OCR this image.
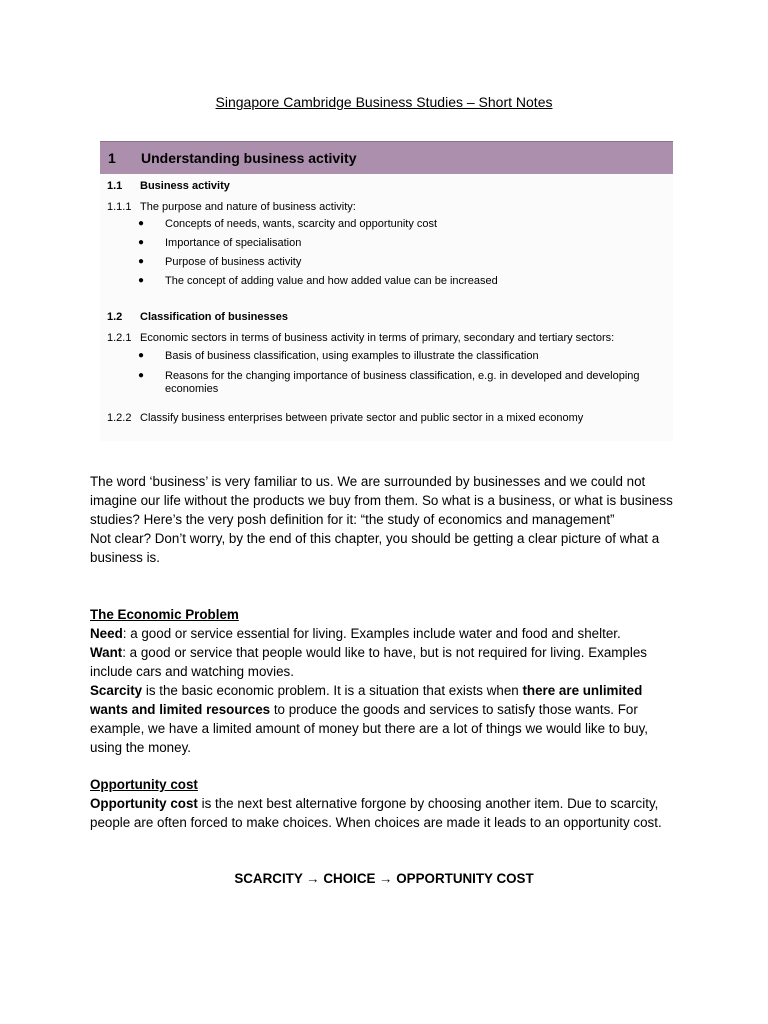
Singapore Cambridge Business Studies – Short Notes
1	Understanding business activity
1.1	Business activity
1.1.1 The purpose and nature of business activity:
●	Concepts of needs, wants, scarcity and opportunity cost
●	Importance of specialisation
●	Purpose of business activity
●	The concept of adding value and how added value can be increased
1.2	Classification of businesses
1.2.1 Economic sectors in terms of business activity in terms of primary, secondary and tertiary sectors:
●	Basis of business classification, using examples to illustrate the classification
●	Reasons for the changing importance of business classification, e.g. in developed and developing economies
1.2.2 Classify business enterprises between private sector and public sector in a mixed economy

The word ‘business’ is very familiar to us. We are surrounded by businesses and we could not imagine our life without the products we buy from them. So what is a business, or what is business studies? Here’s the very posh definition for it: “the study of economics and management”

Not clear? Don’t worry, by the end of this chapter, you should be getting a clear picture of what a business is.

The Economic Problem

Need: a good or service essential for living. Examples include water and food and shelter.

Want: a good or service that people would like to have, but is not required for living. Examples include cars and watching movies.

Scarcity is the basic economic problem. It is a situation that exists when there are unlimited wants and limited resources to produce the goods and services to satisfy those wants. For example, we have a limited amount of money but there are a lot of things we would like to buy, using the money.

Opportunity cost

Opportunity cost is the next best alternative forgone by choosing another item. Due to scarcity, people are often forced to make choices. When choices are made it leads to an opportunity cost.

SCARCITY → CHOICE → OPPORTUNITY COST
